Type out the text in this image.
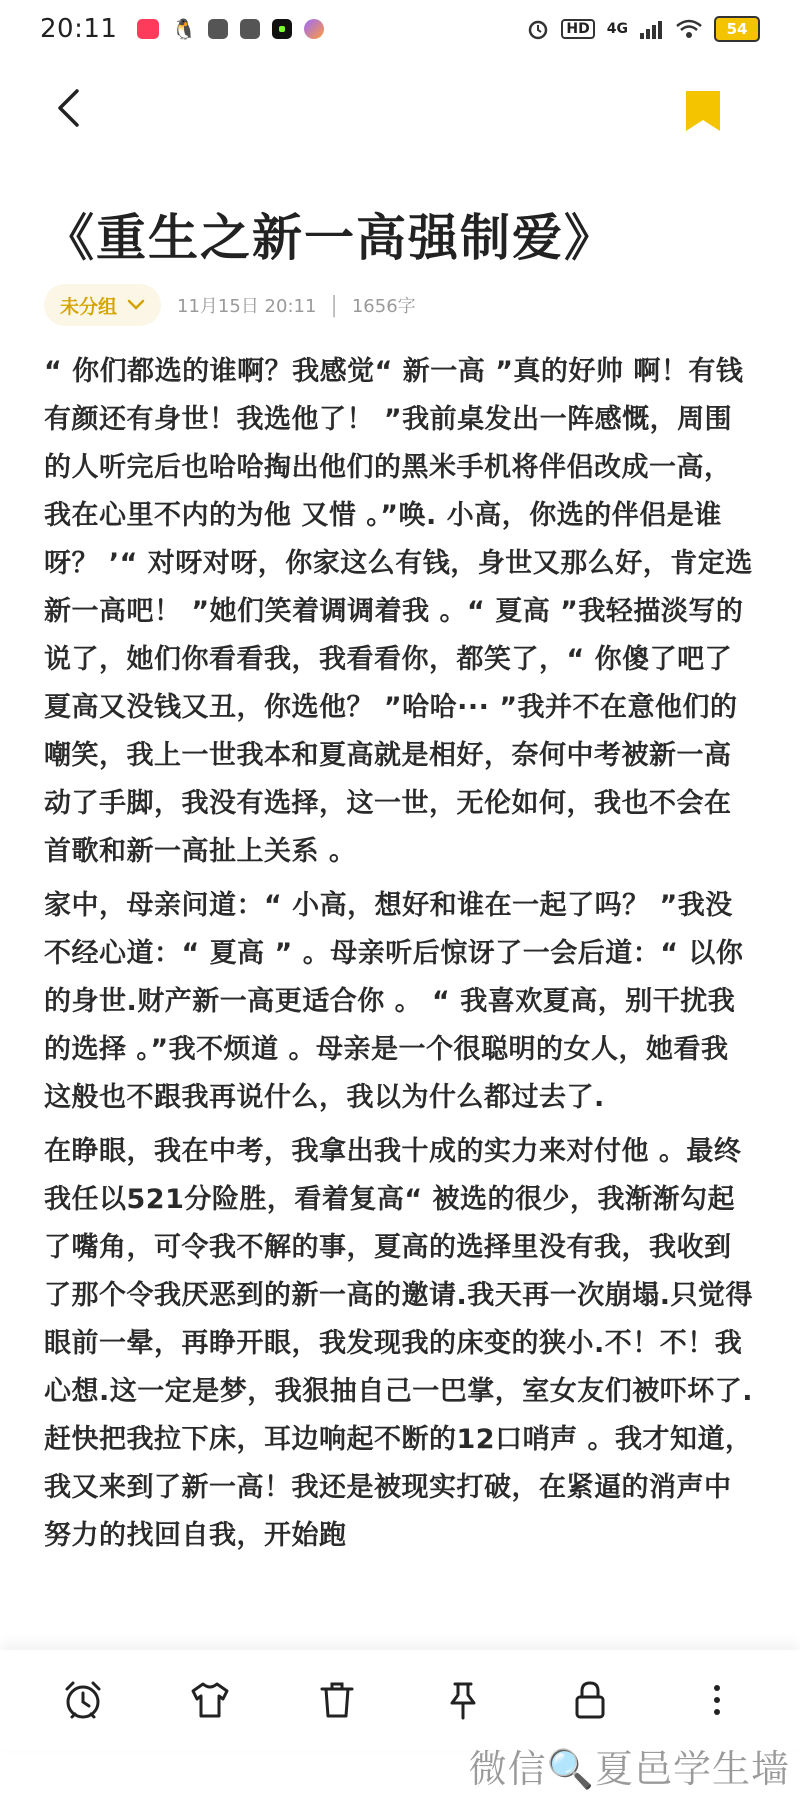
20:11	🐧	HD	4G	54
《重生之新一高强制爱》
未分组	11月15日 20:11 | 1656字

“ 你们都选的谁啊？我感觉“ 新一高 ”真的好帅 啊！有钱有颜还有身世！我选他了！ ”我前桌发出一阵感慨，周围的人听完后也哈哈掏出他们的黑米手机将伴侣改成一高，我在心里不内的为他 又惜 。”唤. 小高，你选的伴侣是谁呀？ ’“ 对呀对呀，你家这么有钱，身世又那么好，肯定选新一高吧！ ”她们笑着调调着我 。“ 夏高 ”我轻描淡写的说了，她们你看看我，我看看你，都笑了，“ 你傻了吧了夏高又没钱又丑，你选他？ ”哈哈··· ”我并不在意他们的嘲笑，我上一世我本和夏高就是相好，奈何中考被新一高动了手脚，我没有选择，这一世，无伦如何，我也不会在首歌和新一高扯上关系 。

家中，母亲问道：“ 小高，想好和谁在一起了吗？ ”我没不经心道：“ 夏高 ” 。母亲听后惊讶了一会后道：“ 以你的身世.财产新一高更适合你 。 “ 我喜欢夏高，别干扰我的选择 。”我不烦道 。母亲是一个很聪明的女人，她看我这般也不跟我再说什么，我以为什么都过去了.

在睁眼，我在中考，我拿出我十成的实力来对付他 。最终我任以521分险胜，看着复高“ 被选的很少，我渐渐勾起了嘴角，可令我不解的事，夏高的选择里没有我，我收到了那个令我厌恶到的新一高的邀请.我天再一次崩塌.只觉得眼前一晕，再睁开眼，我发现我的床变的狭小.不！不！我心想.这一定是梦，我狠抽自己一巴掌，室女友们被吓坏了.赶快把我拉下床，耳边响起不断的12口哨声 。我才知道，我又来到了新一高！我还是被现实打破，在紧逼的消声中努力的找回自我，开始跑

微信🔍夏邑学生墙
